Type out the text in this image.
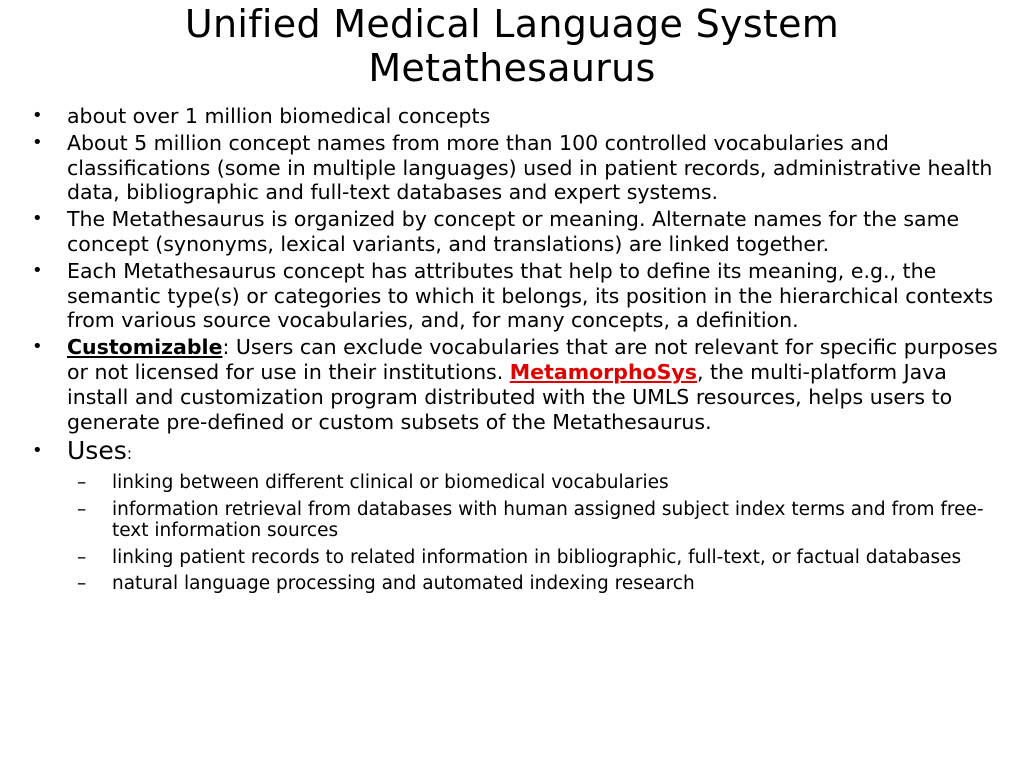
Unified Medical Language System
Metathesaurus
• about over 1 million biomedical concepts
• About 5 million concept names from more than 100 controlled vocabularies and classifications (some in multiple languages) used in patient records, administrative health data, bibliographic and full-text databases and expert systems.
• The Metathesaurus is organized by concept or meaning. Alternate names for the same concept (synonyms, lexical variants, and translations) are linked together.
• Each Metathesaurus concept has attributes that help to define its meaning, e.g., the semantic type(s) or categories to which it belongs, its position in the hierarchical contexts from various source vocabularies, and, for many concepts, a definition.
• Customizable: Users can exclude vocabularies that are not relevant for specific purposes or not licensed for use in their institutions. MetamorphoSys, the multi-platform Java install and customization program distributed with the UMLS resources, helps users to generate pre-defined or custom subsets of the Metathesaurus.
• Uses:
– linking between different clinical or biomedical vocabularies
– information retrieval from databases with human assigned subject index terms and from free-text information sources
– linking patient records to related information in bibliographic, full-text, or factual databases
– natural language processing and automated indexing research
